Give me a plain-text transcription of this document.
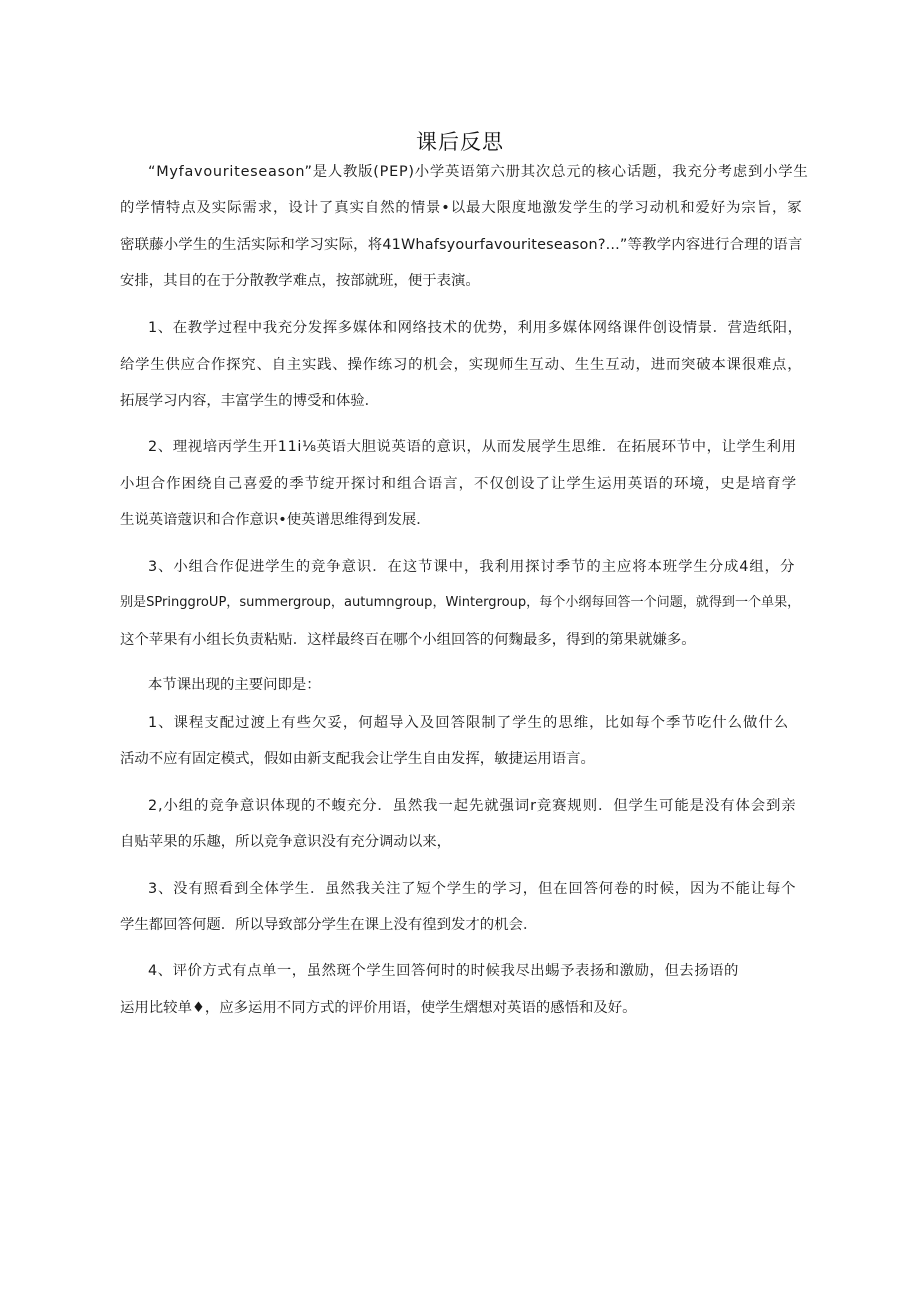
课后反思
“Myfavouriteseason”是人教版(PEP)小学英语第六册其次总元的核心话题，我充分考虑到小学生
的学情特点及实际需求，设计了真实自然的情景•以最大限度地激发学生的学习动机和爱好为宗旨，冢
密联藤小学生的生活实际和学习实际，将41Whafsyourfavouriteseason?...”等教学内容进行合理的语言
安排，其目的在于分散教学难点，按部就班，便于表演。
1、在教学过程中我充分发挥多媒体和网络技术的优势，利用多媒体网络课件创设情景．营造纸阳，
给学生供应合作探究、自主实践、操作练习的机会，实现师生互动、生生互动，进而突破本课很难点，
拓展学习内容，丰富学生的博受和体验．
2、理视培丙学生开11i⅛英语大胆说英语的意识，从而发展学生思维．在拓展环节中，让学生利用
小坦合作困绕自己喜爱的季节绽开探讨和组合语言，不仅创设了让学生运用英语的环境，史是培育学
生说英谙蔻识和合作意识•使英谱思维得到发展．
3、小组合作促进学生的竞争意识．在这节课中，我利用探讨季节的主应将本班学生分成4组，分
别是SPringgroUP，summergroup，autumngroup，Wintergroup，每个小纲每回答一个问题，就得到一个单果，
这个苹果有小组长负责粘贴．这样最终百在哪个小组回答的何麴最多，得到的第果就嫌多。
本节课出现的主要问即是：
1、课程支配过渡上有些欠妥，何超导入及回答限制了学生的思维，比如每个季节吃什么做什么
活动不应有固定模式，假如由新支配我会让学生自由发挥，敏捷运用语言。
2,小组的竞争意识体现的不蝮充分．虽然我一起先就强词r竞赛规则．但学生可能是没有体会到亲
自贴苹果的乐趣，所以竞争意识没有充分调动以来，
3、没有照看到全体学生．虽然我关注了短个学生的学习，但在回答何卷的时候，因为不能让每个
学生都回答何题．所以导致部分学生在课上没有徨到发才的机会．
4、评价方式有点单一，虽然斑个学生回答何时的时候我尽出蜴予表扬和激励，但去扬语的
运用比较单♦，应多运用不同方式的评价用语，使学生熠想对英语的感悟和及好。
